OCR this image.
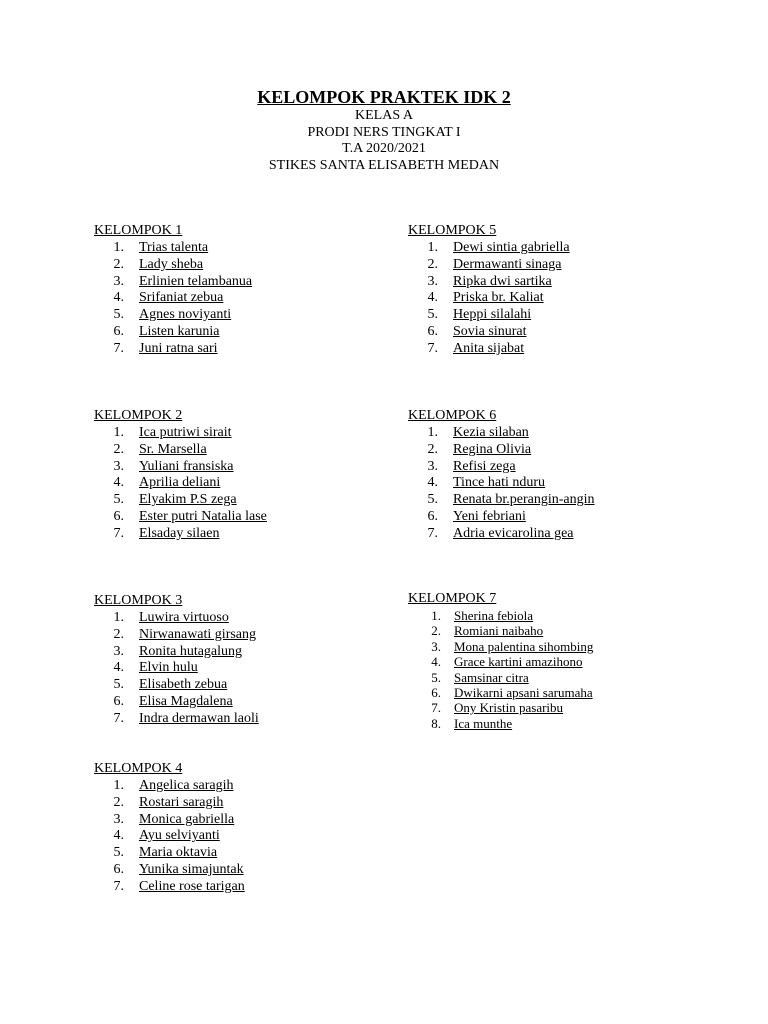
KELOMPOK PRAKTEK IDK 2

KELAS A

PRODI NERS TINGKAT I

T.A 2020/2021

STIKES SANTA ELISABETH MEDAN

KELOMPOK 1

1. Trias talenta
2. Lady sheba
3. Erlinien telambanua
4. Srifaniat zebua
5. Agnes noviyanti
6. Listen karunia
7. Juni ratna sari

KELOMPOK 2

1. Ica putriwi sirait
2. Sr. Marsella
3. Yuliani fransiska
4. Aprilia deliani
5. Elyakim P.S zega
6. Ester putri Natalia lase
7. Elsaday silaen

KELOMPOK 3

1. Luwira virtuoso
2. Nirwanawati girsang
3. Ronita hutagalung
4. Elvin hulu
5. Elisabeth zebua
6. Elisa Magdalena
7. Indra dermawan laoli

KELOMPOK 4

1. Angelica saragih
2. Rostari saragih
3. Monica gabriella
4. Ayu selviyanti
5. Maria oktavia
6. Yunika simajuntak
7. Celine rose tarigan

KELOMPOK 5

1. Dewi sintia gabriella
2. Dermawanti sinaga
3. Ripka dwi sartika
4. Priska br. Kaliat
5. Heppi silalahi
6. Sovia sinurat
7. Anita sijabat

KELOMPOK 6

1. Kezia silaban
2. Regina Olivia
3. Refisi zega
4. Tince hati nduru
5. Renata br.perangin-angin
6. Yeni febriani
7. Adria evicarolina gea

KELOMPOK 7

1. Sherina febiola
2. Romiani naibaho
3. Mona palentina sihombing
4. Grace kartini amazihono
5. Samsinar citra
6. Dwikarni apsani sarumaha
7. Ony Kristin pasaribu
8. Ica munthe
